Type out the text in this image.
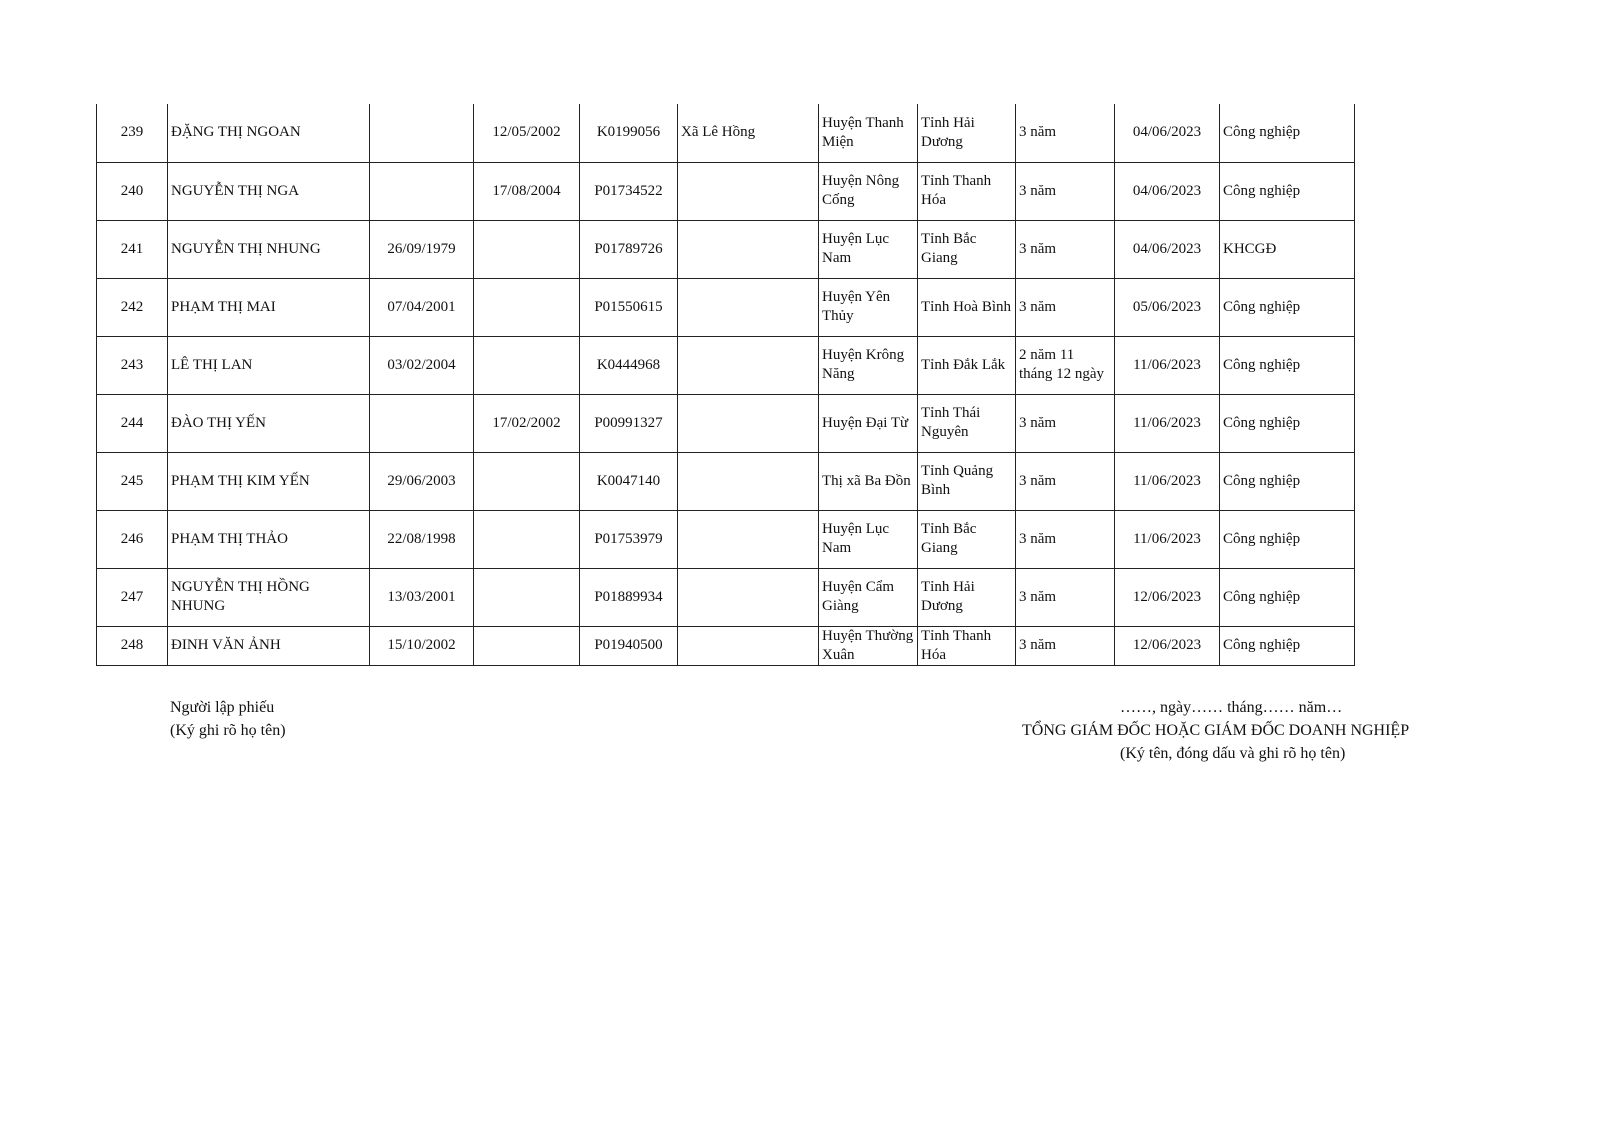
239	ĐẶNG THỊ NGOAN		12/05/2002	K0199056	Xã Lê Hồng	Huyện Thanh Miện	Tỉnh Hải Dương	3 năm	04/06/2023	Công nghiệp
240	NGUYỄN THỊ NGA		17/08/2004	P01734522		Huyện Nông Cống	Tỉnh Thanh Hóa	3 năm	04/06/2023	Công nghiệp
241	NGUYỄN THỊ NHUNG	26/09/1979		P01789726		Huyện Lục Nam	Tỉnh Bắc Giang	3 năm	04/06/2023	KHCGĐ
242	PHẠM THỊ MAI	07/04/2001		P01550615		Huyện Yên Thủy	Tỉnh Hoà Bình	3 năm	05/06/2023	Công nghiệp
243	LÊ THỊ LAN	03/02/2004		K0444968		Huyện Krông Năng	Tỉnh Đắk Lắk	2 năm 11 tháng 12 ngày	11/06/2023	Công nghiệp
244	ĐÀO THỊ YẾN		17/02/2002	P00991327		Huyện Đại Từ	Tỉnh Thái Nguyên	3 năm	11/06/2023	Công nghiệp
245	PHẠM THỊ KIM YẾN	29/06/2003		K0047140		Thị xã Ba Đồn	Tỉnh Quảng Bình	3 năm	11/06/2023	Công nghiệp
246	PHẠM THỊ THẢO	22/08/1998		P01753979		Huyện Lục Nam	Tỉnh Bắc Giang	3 năm	11/06/2023	Công nghiệp
247	NGUYỄN THỊ HỒNG NHUNG	13/03/2001		P01889934		Huyện Cẩm Giàng	Tỉnh Hải Dương	3 năm	12/06/2023	Công nghiệp
248	ĐINH VĂN ẢNH	15/10/2002		P01940500		Huyện Thường Xuân	Tỉnh Thanh Hóa	3 năm	12/06/2023	Công nghiệp
Người lập phiếu
(Ký ghi rõ họ tên)
……, ngày…… tháng…… năm…
TỔNG GIÁM ĐỐC HOẶC GIÁM ĐỐC DOANH NGHIỆP
(Ký tên, đóng dấu và ghi rõ họ tên)
